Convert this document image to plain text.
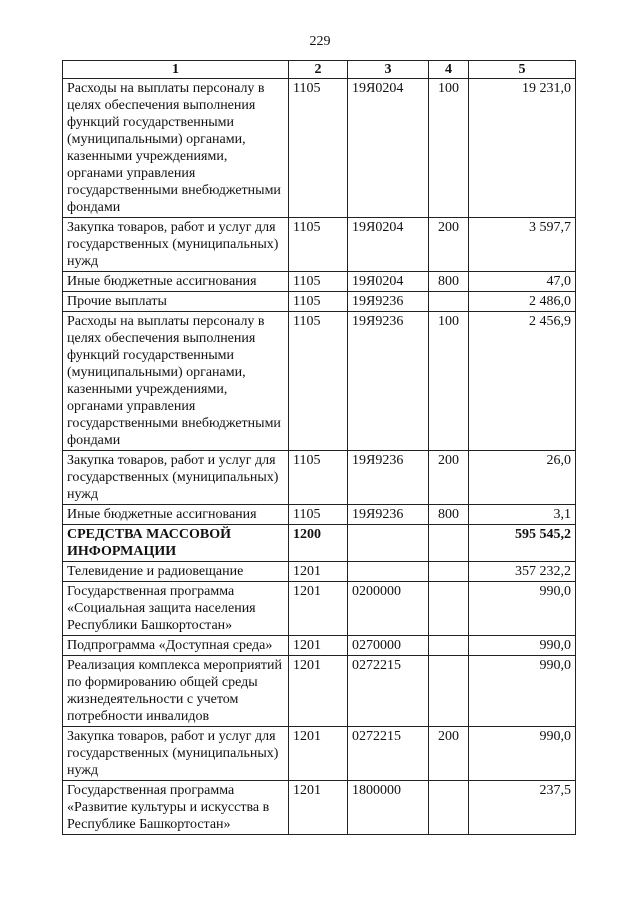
229
1	2	3	4	5
Расходы на выплаты персоналу в целях обеспечения выполнения функций государственными (муниципальными) органами, казенными учреждениями, органами управления государственными внебюджетными фондами	1105	19Я0204	100	19 231,0
Закупка товаров, работ и услуг для государственных (муниципальных) нужд	1105	19Я0204	200	3 597,7
Иные бюджетные ассигнования	1105	19Я0204	800	47,0
Прочие выплаты	1105	19Я9236		2 486,0
Расходы на выплаты персоналу в целях обеспечения выполнения функций государственными (муниципальными) органами, казенными учреждениями, органами управления государственными внебюджетными фондами	1105	19Я9236	100	2 456,9
Закупка товаров, работ и услуг для государственных (муниципальных) нужд	1105	19Я9236	200	26,0
Иные бюджетные ассигнования	1105	19Я9236	800	3,1
СРЕДСТВА МАССОВОЙ ИНФОРМАЦИИ	1200			595 545,2
Телевидение и радиовещание	1201			357 232,2
Государственная программа «Социальная защита населения Республики Башкортостан»	1201	0200000		990,0
Подпрограмма «Доступная среда»	1201	0270000		990,0
Реализация комплекса мероприятий по формированию общей среды жизнедеятельности с учетом потребности инвалидов	1201	0272215		990,0
Закупка товаров, работ и услуг для государственных (муниципальных) нужд	1201	0272215	200	990,0
Государственная программа «Развитие культуры и искусства в Республике Башкортостан»	1201	1800000		237,5
